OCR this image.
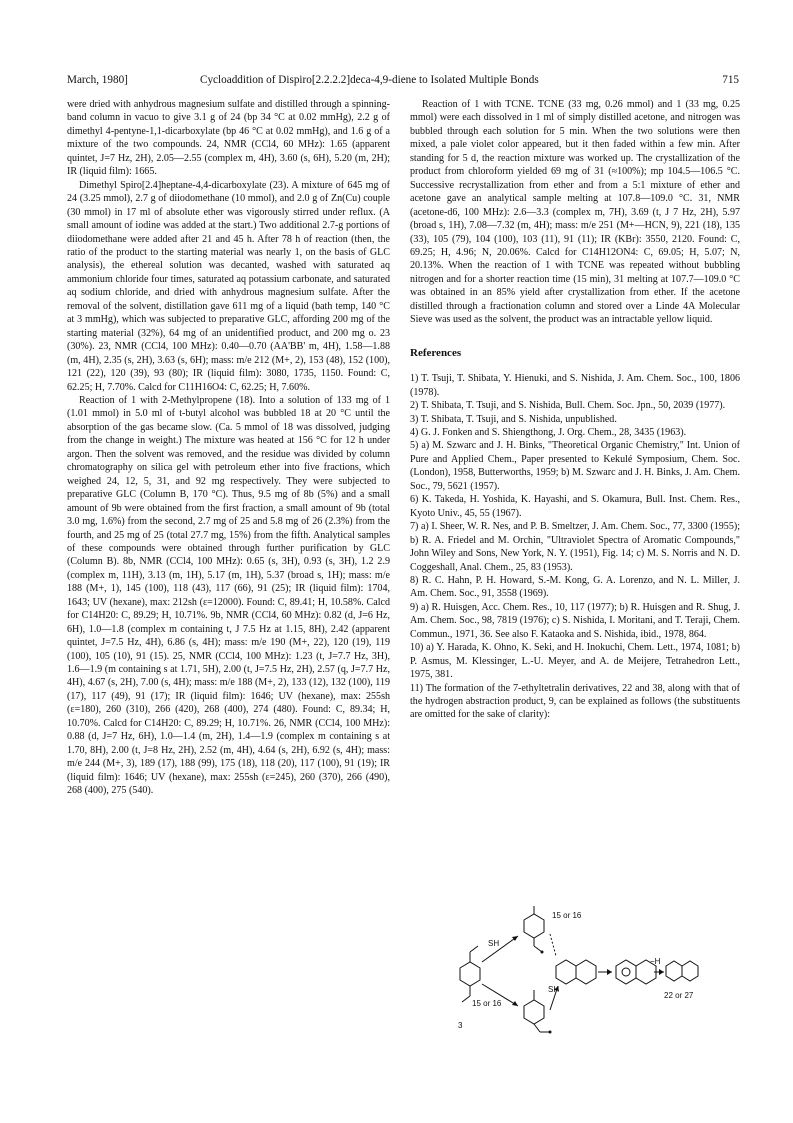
March, 1980]	Cycloaddition of Dispiro[2.2.2.2]deca-4,9-diene to Isolated Multiple Bonds	715

were dried with anhydrous magnesium sulfate and distilled through a spinning-band column in vacuo to give 3.1 g of 24 (bp 34 °C at 0.02 mmHg), 2.2 g of dimethyl 4-pentyne-1,1-dicarboxylate (bp 46 °C at 0.02 mmHg), and 1.6 g of a mixture of the two compounds. 24, NMR (CCl4, 60 MHz): 1.65 (apparent quintet, J=7 Hz, 2H), 2.05—2.55 (complex m, 4H), 3.60 (s, 6H), 5.20 (m, 2H); IR (liquid film): 1665.

Dimethyl Spiro[2.4]heptane-4,4-dicarboxylate (23). A mixture of 645 mg of 24 (3.25 mmol), 2.7 g of diiodomethane (10 mmol), and 2.0 g of Zn(Cu) couple (30 mmol) in 17 ml of absolute ether was vigorously stirred under reflux. (A small amount of iodine was added at the start.) Two additional 2.7-g portions of diiodomethane were added after 21 and 45 h. After 78 h of reaction (then, the ratio of the product to the starting material was nearly 1, on the basis of GLC analysis), the ethereal solution was decanted, washed with saturated aq ammonium chloride four times, saturated aq potassium carbonate, and saturated aq sodium chloride, and dried with anhydrous magnesium sulfate. After the removal of the solvent, distillation gave 611 mg of a liquid (bath temp, 140 °C at 3 mmHg), which was subjected to preparative GLC, affording 200 mg of the starting material (32%), 64 mg of an unidentified product, and 200 mg o. 23 (30%). 23, NMR (CCl4, 100 MHz): 0.40—0.70 (AA'BB' m, 4H), 1.58—1.88 (m, 4H), 2.35 (s, 2H), 3.63 (s, 6H); mass: m/e 212 (M+, 2), 153 (48), 152 (100), 121 (22), 120 (39), 93 (80); IR (liquid film): 3080, 1735, 1150. Found: C, 62.25; H, 7.70%. Calcd for C11H16O4: C, 62.25; H, 7.60%.

Reaction of 1 with 2-Methylpropene (18). Into a solution of 133 mg of 1 (1.01 mmol) in 5.0 ml of t-butyl alcohol was bubbled 18 at 20 °C until the absorption of the gas became slow. (Ca. 5 mmol of 18 was dissolved, judging from the change in weight.) The mixture was heated at 156 °C for 12 h under argon. Then the solvent was removed, and the residue was divided by column chromatography on silica gel with petroleum ether into five fractions, which weighed 24, 12, 5, 31, and 92 mg respectively. They were subjected to preparative GLC (Column B, 170 °C). Thus, 9.5 mg of 8b (5%) and a small amount of 9b were obtained from the first fraction, a small amount of 9b (total 3.0 mg, 1.6%) from the second, 2.7 mg of 25 and 5.8 mg of 26 (2.3%) from the fourth, and 25 mg of 25 (total 27.7 mg, 15%) from the fifth. Analytical samples of these compounds were obtained through further purification by GLC (Column B). 8b, NMR (CCl4, 100 MHz): 0.65 (s, 3H), 0.93 (s, 3H), 1.2 2.9 (complex m, 11H), 3.13 (m, 1H), 5.17 (m, 1H), 5.37 (broad s, 1H); mass: m/e 188 (M+, 1), 145 (100), 118 (43), 117 (66), 91 (25); IR (liquid film): 1704, 1643; UV (hexane), max: 212sh (ε=12000). Found: C, 89.41; H, 10.58%. Calcd for C14H20: C, 89.29; H, 10.71%. 9b, NMR (CCl4, 60 MHz): 0.82 (d, J=6 Hz, 6H), 1.0—1.8 (complex m containing t, J 7.5 Hz at 1.15, 8H), 2.42 (apparent quintet, J=7.5 Hz, 4H), 6.86 (s, 4H); mass: m/e 190 (M+, 22), 120 (19), 119 (100), 105 (10), 91 (15). 25, NMR (CCl4, 100 MHz): 1.23 (t, J=7.7 Hz, 3H), 1.6—1.9 (m containing s at 1.71, 5H), 2.00 (t, J=7.5 Hz, 2H), 2.57 (q, J=7.7 Hz, 4H), 4.67 (s, 2H), 7.00 (s, 4H); mass: m/e 188 (M+, 2), 133 (12), 132 (100), 119 (17), 117 (49), 91 (17); IR (liquid film): 1646; UV (hexane), max: 255sh (ε=180), 260 (310), 266 (420), 268 (400), 274 (480). Found: C, 89.34; H, 10.70%. Calcd for C14H20: C, 89.29; H, 10.71%. 26, NMR (CCl4, 100 MHz): 0.88 (d, J=7 Hz, 6H), 1.0—1.4 (m, 2H), 1.4—1.9 (complex m containing s at 1.70, 8H), 2.00 (t, J=8 Hz, 2H), 2.52 (m, 4H), 4.64 (s, 2H), 6.92 (s, 4H); mass: m/e 244 (M+, 3), 189 (17), 188 (99), 175 (18), 118 (20), 117 (100), 91 (19); IR (liquid film): 1646; UV (hexane), max: 255sh (ε=245), 260 (370), 266 (490), 268 (400), 275 (540).

Reaction of 1 with TCNE. TCNE (33 mg, 0.26 mmol) and 1 (33 mg, 0.25 mmol) were each dissolved in 1 ml of simply distilled acetone, and nitrogen was bubbled through each solution for 5 min. When the two solutions were then mixed, a pale violet color appeared, but it then faded within a few min. After standing for 5 d, the reaction mixture was worked up. The crystallization of the product from chloroform yielded 69 mg of 31 (≈100%); mp 104.5—106.5 °C. Successive recrystallization from ether and from a 5:1 mixture of ether and acetone gave an analytical sample melting at 107.8—109.0 °C. 31, NMR (acetone-d6, 100 MHz): 2.6—3.3 (complex m, 7H), 3.69 (t, J 7 Hz, 2H), 5.97 (broad s, 1H), 7.08—7.32 (m, 4H); mass: m/e 251 (M+—HCN, 9), 221 (18), 135 (33), 105 (79), 104 (100), 103 (11), 91 (11); IR (KBr): 3550, 2120. Found: C, 69.25; H, 4.96; N, 20.06%. Calcd for C14H12ON4: C, 69.05; H, 5.07; N, 20.13%. When the reaction of 1 with TCNE was repeated without bubbling nitrogen and for a shorter reaction time (15 min), 31 melting at 107.7—109.0 °C was obtained in an 85% yield after crystallization from ether. If the acetone distilled through a fractionation column and stored over a Linde 4A Molecular Sieve was used as the solvent, the product was an intractable yellow liquid.

References

1) T. Tsuji, T. Shibata, Y. Hienuki, and S. Nishida, J. Am. Chem. Soc., 100, 1806 (1978).

2) T. Shibata, T. Tsuji, and S. Nishida, Bull. Chem. Soc. Jpn., 50, 2039 (1977).

3) T. Shibata, T. Tsuji, and S. Nishida, unpublished.

4) G. J. Fonken and S. Shiengthong, J. Org. Chem., 28, 3435 (1963).

5) a) M. Szwarc and J. H. Binks, "Theoretical Organic Chemistry," Int. Union of Pure and Applied Chem., Paper presented to Kekulé Symposium, Chem. Soc. (London), 1958, Butterworths, 1959; b) M. Szwarc and J. H. Binks, J. Am. Chem. Soc., 79, 5621 (1957).

6) K. Takeda, H. Yoshida, K. Hayashi, and S. Okamura, Bull. Inst. Chem. Res., Kyoto Univ., 45, 55 (1967).

7) a) I. Sheer, W. R. Nes, and P. B. Smeltzer, J. Am. Chem. Soc., 77, 3300 (1955); b) R. A. Friedel and M. Orchin, "Ultraviolet Spectra of Aromatic Compounds," John Wiley and Sons, New York, N. Y. (1951), Fig. 14; c) M. S. Norris and N. D. Coggeshall, Anal. Chem., 25, 83 (1953).

8) R. C. Hahn, P. H. Howard, S.-M. Kong, G. A. Lorenzo, and N. L. Miller, J. Am. Chem. Soc., 91, 3558 (1969).

9) a) R. Huisgen, Acc. Chem. Res., 10, 117 (1977); b) R. Huisgen and R. Shug, J. Am. Chem. Soc., 98, 7819 (1976); c) S. Nishida, I. Moritani, and T. Teraji, Chem. Commun., 1971, 36. See also F. Kataoka and S. Nishida, ibid., 1978, 864.

10) a) Y. Harada, K. Ohno, K. Seki, and H. Inokuchi, Chem. Lett., 1974, 1081; b) P. Asmus, M. Klessinger, L.-U. Meyer, and A. de Meijere, Tetrahedron Lett., 1975, 381.

11) The formation of the 7-ethyltetralin derivatives, 22 and 38, along with that of the hydrogen abstraction product, 9, can be explained as follows (the substituents are omitted for the sake of clarity):

SH
SH
15 or 16
15 or 16
3
−H
22 or 27
